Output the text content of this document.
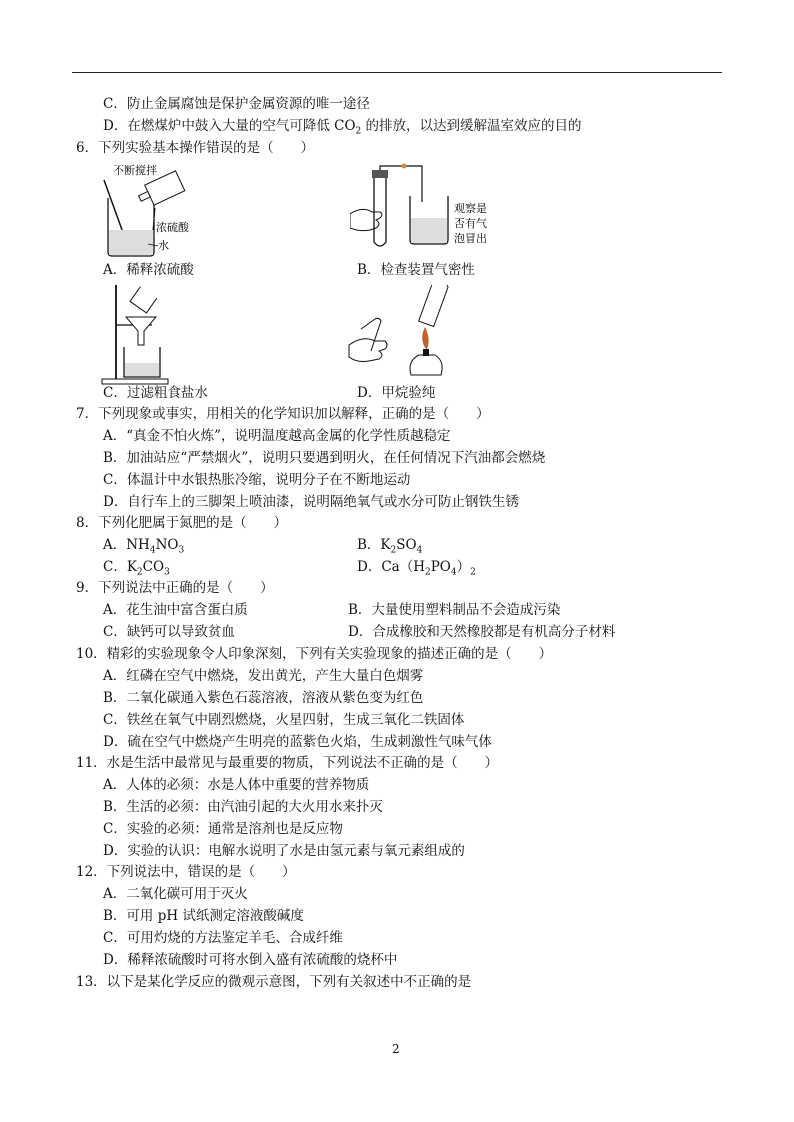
C．防止金属腐蚀是保护金属资源的唯一途径
D．在燃煤炉中鼓入大量的空气可降低 $CO_2$ 的排放，以达到缓解温室效应的目的
6．下列实验基本操作错误的是（　　）
不断搅拌
浓硫酸
水
A．稀释浓硫酸
观察是
否有气
泡冒出
B．检查装置气密性
C．过滤粗食盐水	D．甲烷验纯
7．下列现象或事实，用相关的化学知识加以解释，正确的是（　　）
A．“真金不怕火炼”，说明温度越高金属的化学性质越稳定
B．加油站应“严禁烟火”，说明只要遇到明火，在任何情况下汽油都会燃烧
C．体温计中水银热胀冷缩，说明分子在不断地运动
D．自行车上的三脚架上喷油漆，说明隔绝氧气或水分可防止钢铁生锈
8．下列化肥属于氮肥的是（　　）
A．$NH_4NO_3$	B．$K_2SO_4$
C．$K_2CO_3$	D．$Ca(H_2PO_4)_2$
9．下列说法中正确的是（　　）
A．花生油中富含蛋白质	B．大量使用塑料制品不会造成污染
C．缺钙可以导致贫血	D．合成橡胶和天然橡胶都是有机高分子材料
10．精彩的实验现象令人印象深刻，下列有关实验现象的描述正确的是（　　）
A．红磷在空气中燃烧，发出黄光，产生大量白色烟雾
B．二氧化碳通入紫色石蕊溶液，溶液从紫色变为红色
C．铁丝在氧气中剧烈燃烧，火星四射，生成三氧化二铁固体
D．硫在空气中燃烧产生明亮的蓝紫色火焰，生成刺激性气味气体
11．水是生活中最常见与最重要的物质，下列说法不正确的是（　　）
A．人体的必须：水是人体中重要的营养物质
B．生活的必须：由汽油引起的大火用水来扑灭
C．实验的必须：通常是溶剂也是反应物
D．实验的认识：电解水说明了水是由氢元素与氧元素组成的
12．下列说法中，错误的是（　　）
A．二氧化碳可用于灭火
B．可用 pH 试纸测定溶液酸碱度
C．可用灼烧的方法鉴定羊毛、合成纤维
D．稀释浓硫酸时可将水倒入盛有浓硫酸的烧杯中
13．以下是某化学反应的微观示意图，下列有关叙述中不正确的是
2
